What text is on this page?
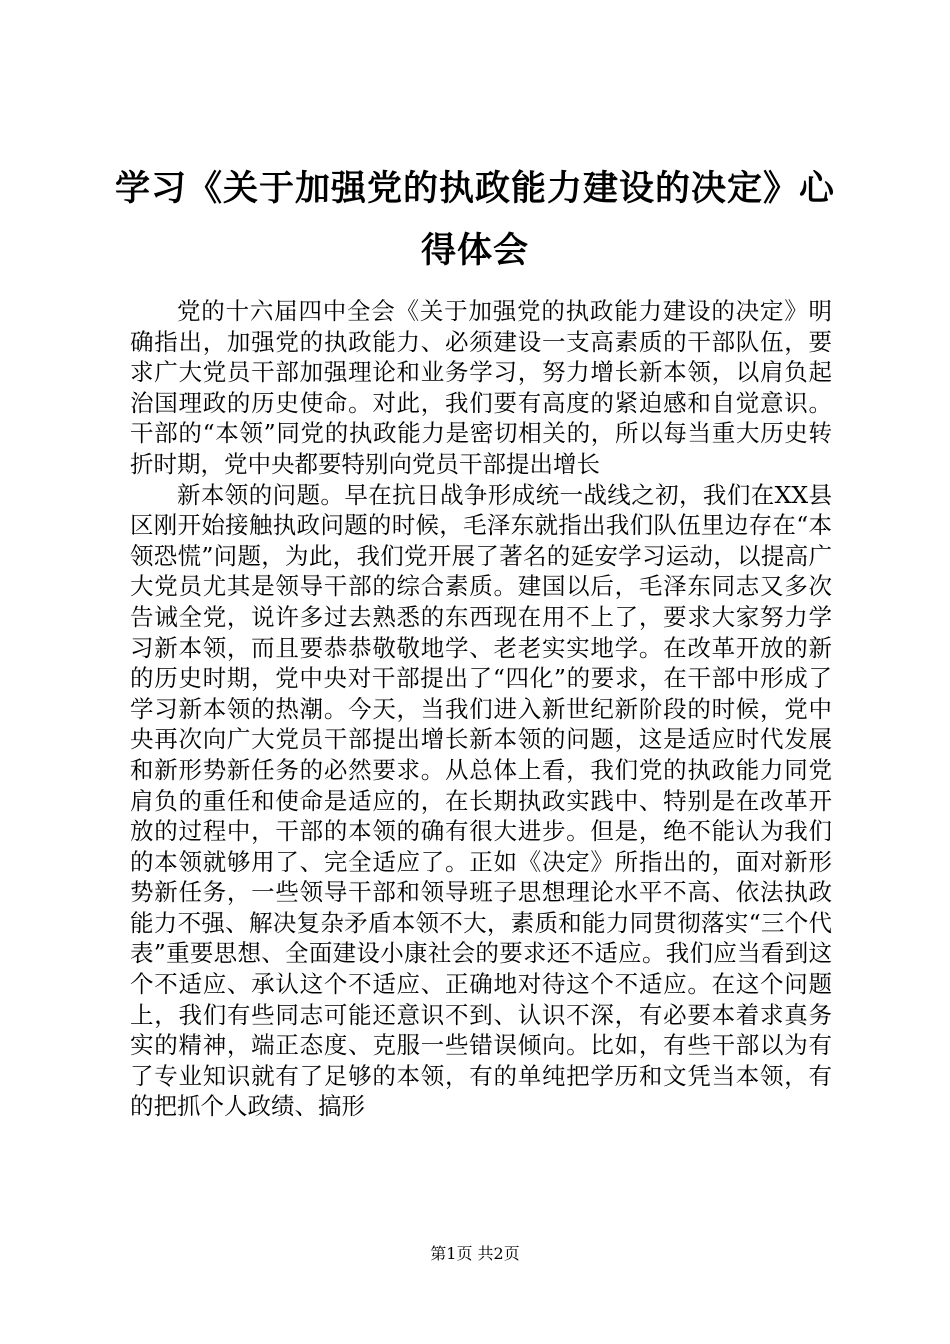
学习《关于加强党的执政能力建设的决定》心得体会

党的十六届四中全会《关于加强党的执政能力建设的决定》明确指出，加强党的执政能力、必须建设一支高素质的干部队伍，要求广大党员干部加强理论和业务学习，努力增长新本领，以肩负起治国理政的历史使命。对此，我们要有高度的紧迫感和自觉意识。干部的“本领”同党的执政能力是密切相关的，所以每当重大历史转折时期，党中央都要特别向党员干部提出增长

新本领的问题。早在抗日战争形成统一战线之初，我们在XX县区刚开始接触执政问题的时候，毛泽东就指出我们队伍里边存在“本领恐慌”问题，为此，我们党开展了著名的延安学习运动，以提高广大党员尤其是领导干部的综合素质。建国以后，毛泽东同志又多次告诫全党，说许多过去熟悉的东西现在用不上了，要求大家努力学习新本领，而且要恭恭敬敬地学、老老实实地学。在改革开放的新的历史时期，党中央对干部提出了“四化”的要求，在干部中形成了学习新本领的热潮。今天，当我们进入新世纪新阶段的时候，党中央再次向广大党员干部提出增长新本领的问题，这是适应时代发展和新形势新任务的必然要求。从总体上看，我们党的执政能力同党肩负的重任和使命是适应的，在长期执政实践中、特别是在改革开放的过程中，干部的本领的确有很大进步。但是，绝不能认为我们的本领就够用了、完全适应了。正如《决定》所指出的，面对新形势新任务，一些领导干部和领导班子思想理论水平不高、依法执政能力不强、解决复杂矛盾本领不大，素质和能力同贯彻落实“三个代表”重要思想、全面建设小康社会的要求还不适应。我们应当看到这个不适应、承认这个不适应、正确地对待这个不适应。在这个问题上，我们有些同志可能还意识不到、认识不深，有必要本着求真务实的精神，端正态度、克服一些错误倾向。比如，有些干部以为有了专业知识就有了足够的本领，有的单纯把学历和文凭当本领，有的把抓个人政绩、搞形

第1页 共2页
